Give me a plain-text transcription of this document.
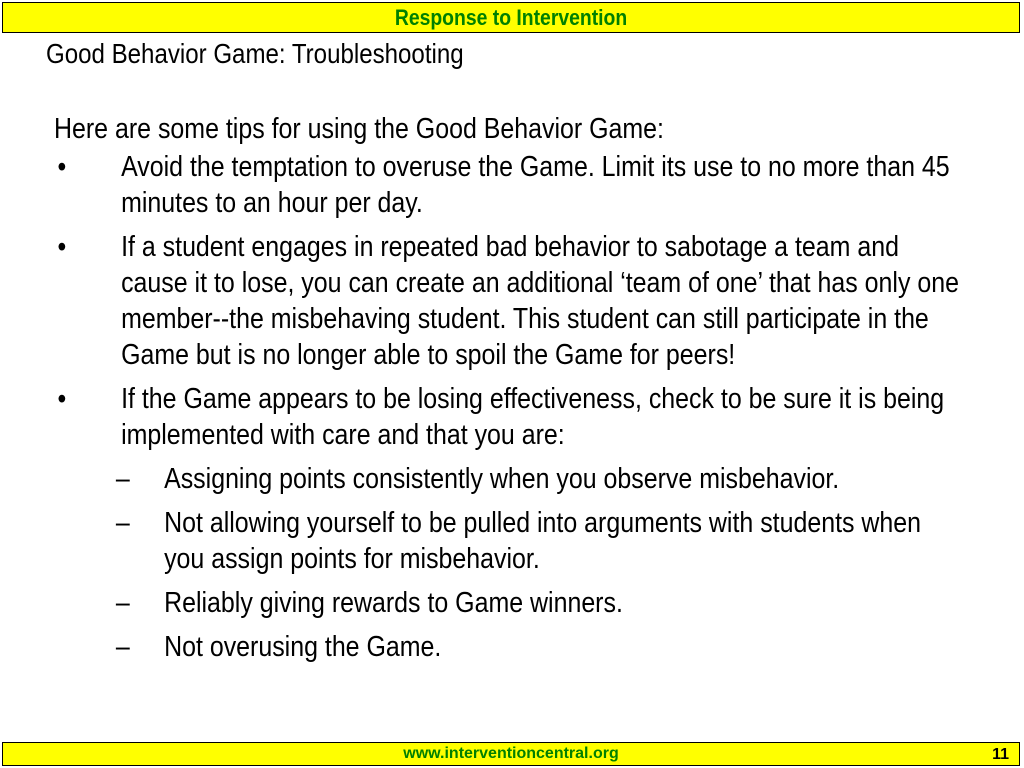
Response to Intervention
Good Behavior Game: Troubleshooting
Here are some tips for using the Good Behavior Game:
• Avoid the temptation to overuse the Game. Limit its use to no more than 45 minutes to an hour per day.
• If a student engages in repeated bad behavior to sabotage a team and cause it to lose, you can create an additional ‘team of one’ that has only one member--the misbehaving student. This student can still participate in the Game but is no longer able to spoil the Game for peers!
• If the Game appears to be losing effectiveness, check to be sure it is being implemented with care and that you are:
– Assigning points consistently when you observe misbehavior.
– Not allowing yourself to be pulled into arguments with students when you assign points for misbehavior.
– Reliably giving rewards to Game winners.
– Not overusing the Game.
www.interventioncentral.org	11
